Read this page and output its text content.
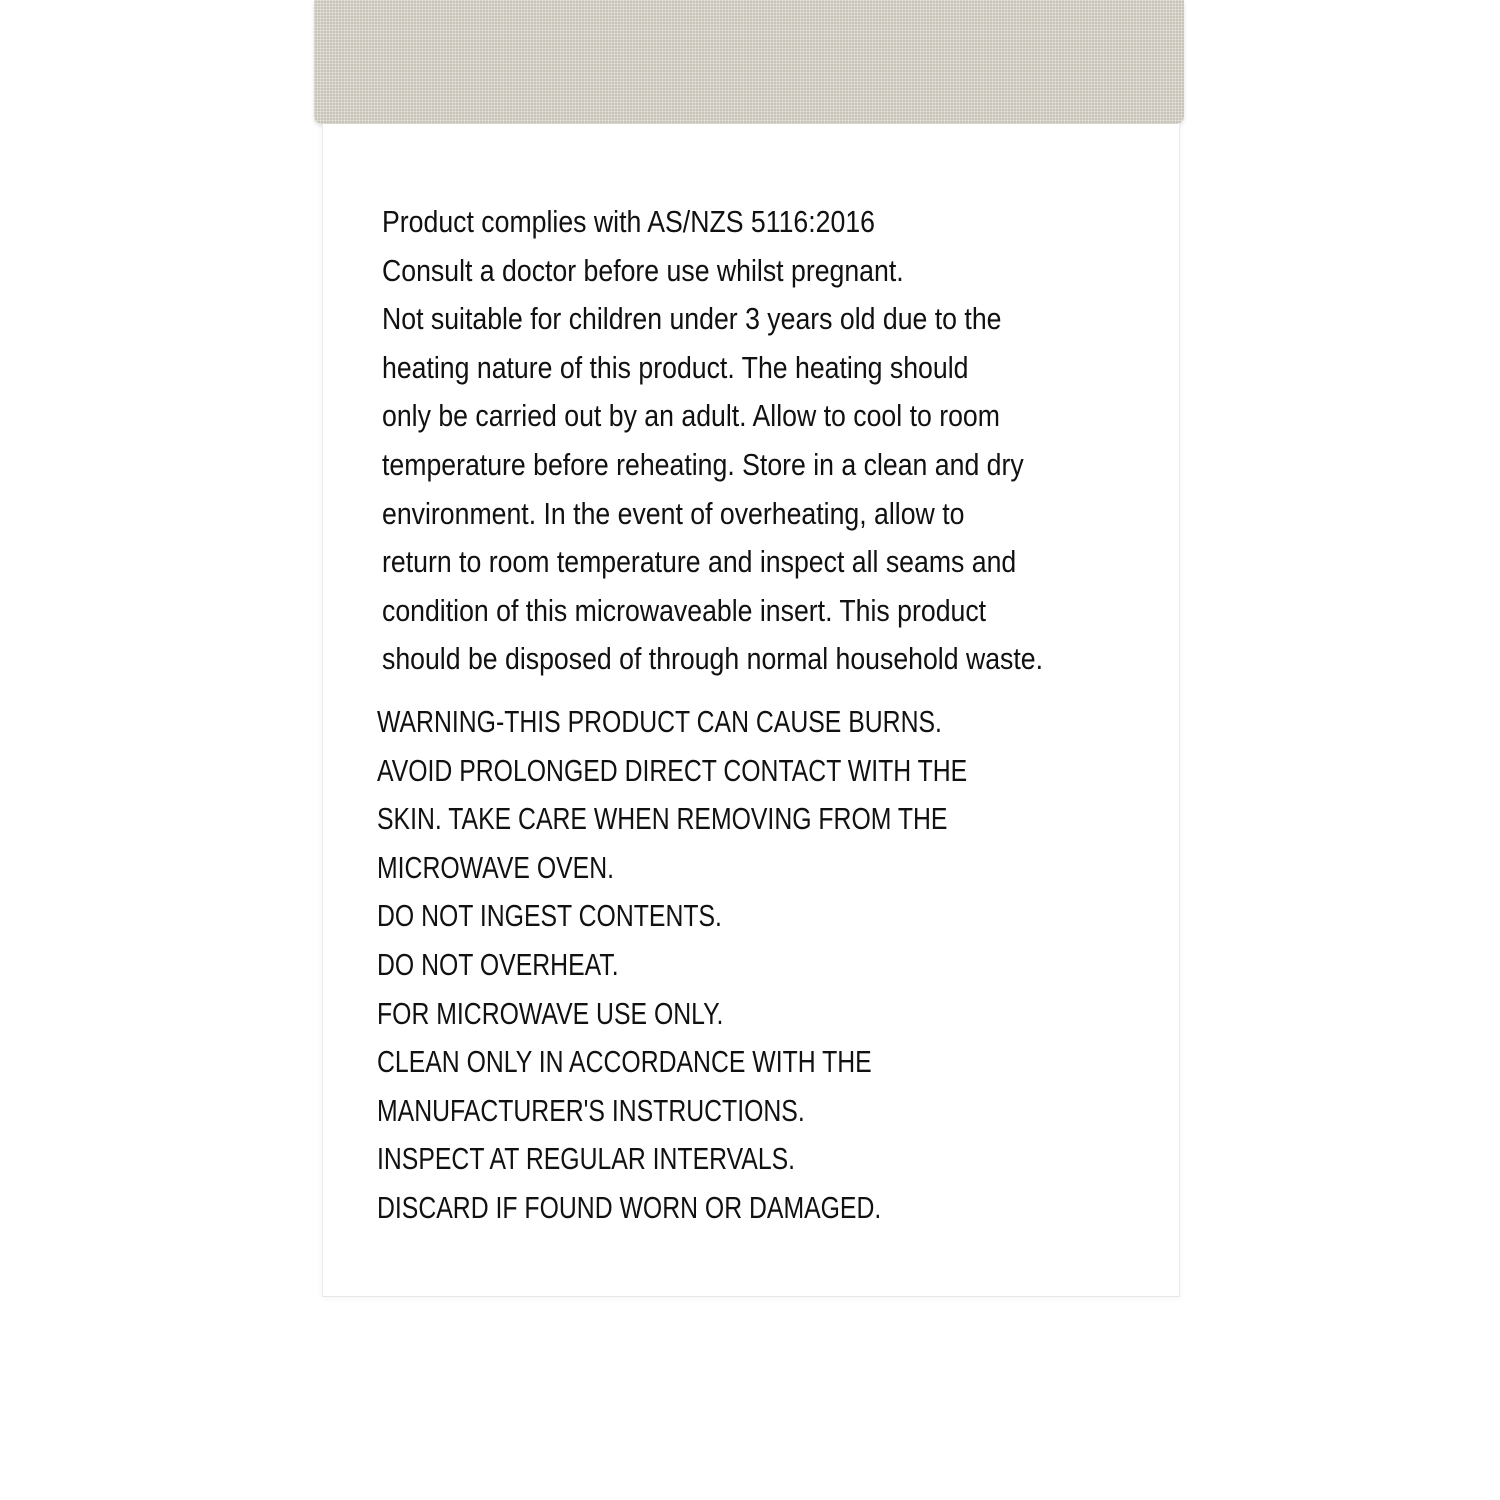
Product complies with AS/NZS 5116:2016
Consult a doctor before use whilst pregnant.
Not suitable for children under 3 years old due to the
heating nature of this product. The heating should
only be carried out by an adult. Allow to cool to room
temperature before reheating. Store in a clean and dry
environment. In the event of overheating, allow to
return to room temperature and inspect all seams and
condition of this microwaveable insert. This product
should be disposed of through normal household waste.
WARNING-THIS PRODUCT CAN CAUSE BURNS.
AVOID PROLONGED DIRECT CONTACT WITH THE
SKIN. TAKE CARE WHEN REMOVING FROM THE
MICROWAVE OVEN.
DO NOT INGEST CONTENTS.
DO NOT OVERHEAT.
FOR MICROWAVE USE ONLY.
CLEAN ONLY IN ACCORDANCE WITH THE
MANUFACTURER'S INSTRUCTIONS.
INSPECT AT REGULAR INTERVALS.
DISCARD IF FOUND WORN OR DAMAGED.
